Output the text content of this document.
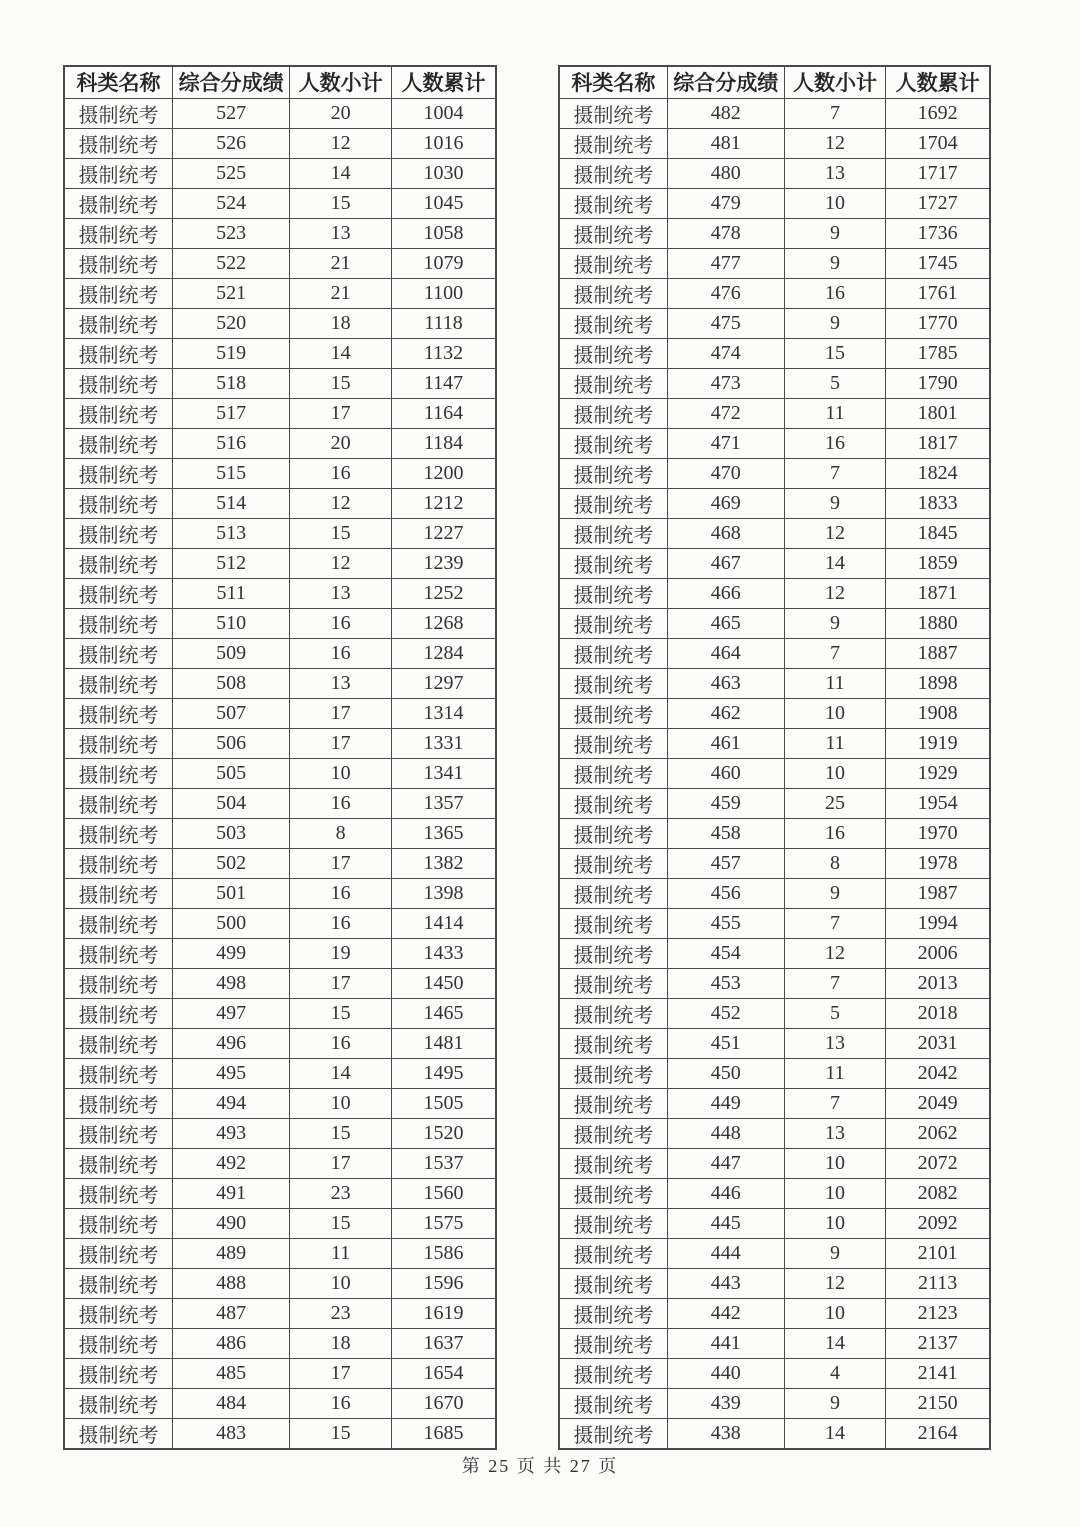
科类名称	综合分成绩	人数小计	人数累计
摄制统考	527	20	1004
摄制统考	526	12	1016
摄制统考	525	14	1030
摄制统考	524	15	1045
摄制统考	523	13	1058
摄制统考	522	21	1079
摄制统考	521	21	1100
摄制统考	520	18	1118
摄制统考	519	14	1132
摄制统考	518	15	1147
摄制统考	517	17	1164
摄制统考	516	20	1184
摄制统考	515	16	1200
摄制统考	514	12	1212
摄制统考	513	15	1227
摄制统考	512	12	1239
摄制统考	511	13	1252
摄制统考	510	16	1268
摄制统考	509	16	1284
摄制统考	508	13	1297
摄制统考	507	17	1314
摄制统考	506	17	1331
摄制统考	505	10	1341
摄制统考	504	16	1357
摄制统考	503	8	1365
摄制统考	502	17	1382
摄制统考	501	16	1398
摄制统考	500	16	1414
摄制统考	499	19	1433
摄制统考	498	17	1450
摄制统考	497	15	1465
摄制统考	496	16	1481
摄制统考	495	14	1495
摄制统考	494	10	1505
摄制统考	493	15	1520
摄制统考	492	17	1537
摄制统考	491	23	1560
摄制统考	490	15	1575
摄制统考	489	11	1586
摄制统考	488	10	1596
摄制统考	487	23	1619
摄制统考	486	18	1637
摄制统考	485	17	1654
摄制统考	484	16	1670
摄制统考	483	15	1685
科类名称	综合分成绩	人数小计	人数累计
摄制统考	482	7	1692
摄制统考	481	12	1704
摄制统考	480	13	1717
摄制统考	479	10	1727
摄制统考	478	9	1736
摄制统考	477	9	1745
摄制统考	476	16	1761
摄制统考	475	9	1770
摄制统考	474	15	1785
摄制统考	473	5	1790
摄制统考	472	11	1801
摄制统考	471	16	1817
摄制统考	470	7	1824
摄制统考	469	9	1833
摄制统考	468	12	1845
摄制统考	467	14	1859
摄制统考	466	12	1871
摄制统考	465	9	1880
摄制统考	464	7	1887
摄制统考	463	11	1898
摄制统考	462	10	1908
摄制统考	461	11	1919
摄制统考	460	10	1929
摄制统考	459	25	1954
摄制统考	458	16	1970
摄制统考	457	8	1978
摄制统考	456	9	1987
摄制统考	455	7	1994
摄制统考	454	12	2006
摄制统考	453	7	2013
摄制统考	452	5	2018
摄制统考	451	13	2031
摄制统考	450	11	2042
摄制统考	449	7	2049
摄制统考	448	13	2062
摄制统考	447	10	2072
摄制统考	446	10	2082
摄制统考	445	10	2092
摄制统考	444	9	2101
摄制统考	443	12	2113
摄制统考	442	10	2123
摄制统考	441	14	2137
摄制统考	440	4	2141
摄制统考	439	9	2150
摄制统考	438	14	2164
第 25 页 共 27 页
